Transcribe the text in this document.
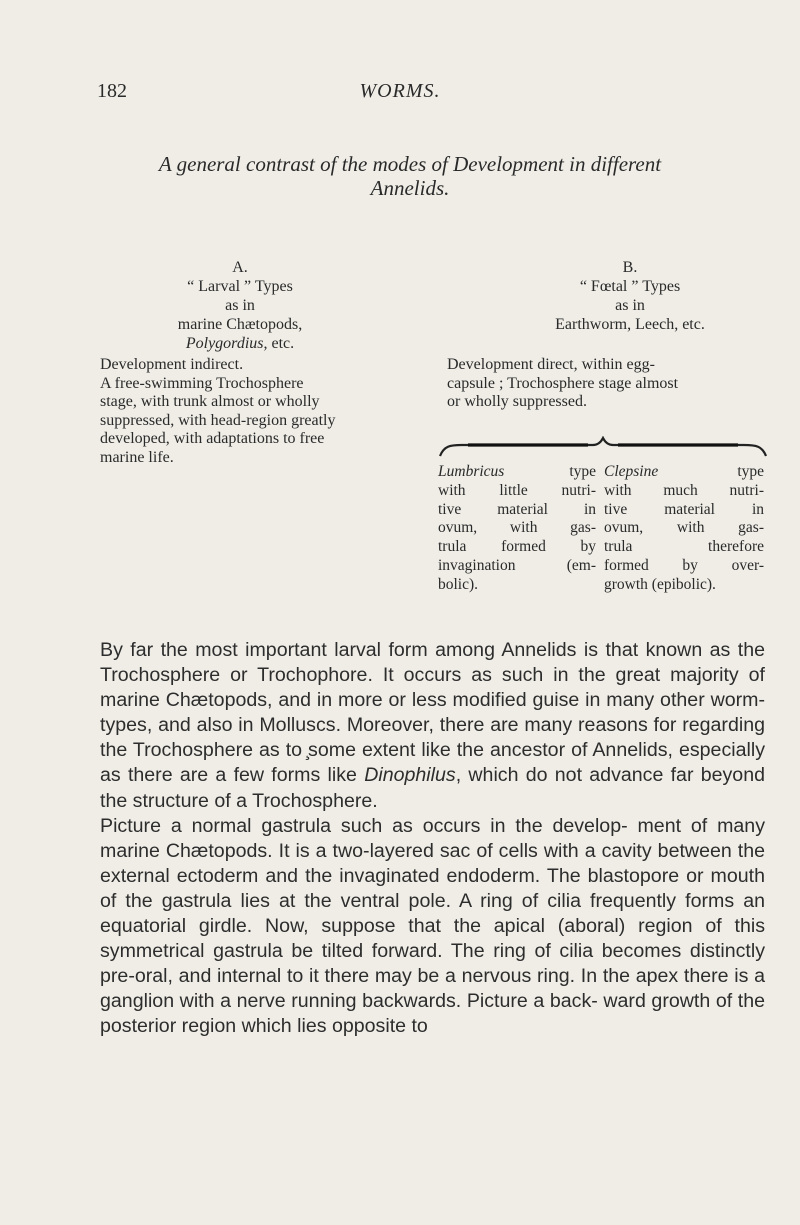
182	WORMS.
A general contrast of the modes of Development in different
Annelids.
A.
“ Larval ” Types
as in
marine Chætopods,
Polygordius, etc.
B.
“ Fœtal ” Types
as in
Earthworm, Leech, etc.
Development indirect.
A free-swimming Trochosphere
stage, with trunk almost or wholly
suppressed, with head-region greatly
developed, with adaptations to free
marine life.
Development direct, within egg-
capsule ; Trochosphere stage almost
or wholly suppressed.
Lumbricus type
with little nutri-
tive material in
ovum, with gas-
trula formed by
invagination (em-
bolic).
Clepsine type
with much nutri-
tive material in
ovum, with gas-
trula therefore
formed by over-
growth (epibolic).

By far the most important larval form among Annelids is that known as the Trochosphere or Trochophore. It occurs as such in the great majority of marine Chætopods, and in more or less modified guise in many other worm-types, and also in Molluscs. Moreover, there are many reasons for regarding the Trochosphere as to ̧some extent like the ancestor of Annelids, especially as there are a few forms like Dinophilus, which do not advance far beyond the structure of a Trochosphere.

Picture a normal gastrula such as occurs in the develop- ment of many marine Chætopods. It is a two-layered sac of cells with a cavity between the external ectoderm and the invaginated endoderm. The blastopore or mouth of the gastrula lies at the ventral pole. A ring of cilia frequently forms an equatorial girdle. Now, suppose that the apical (aboral) region of this symmetrical gastrula be tilted forward. The ring of cilia becomes distinctly pre-oral, and internal to it there may be a nervous ring. In the apex there is a ganglion with a nerve running backwards. Picture a back- ward growth of the posterior region which lies opposite to
